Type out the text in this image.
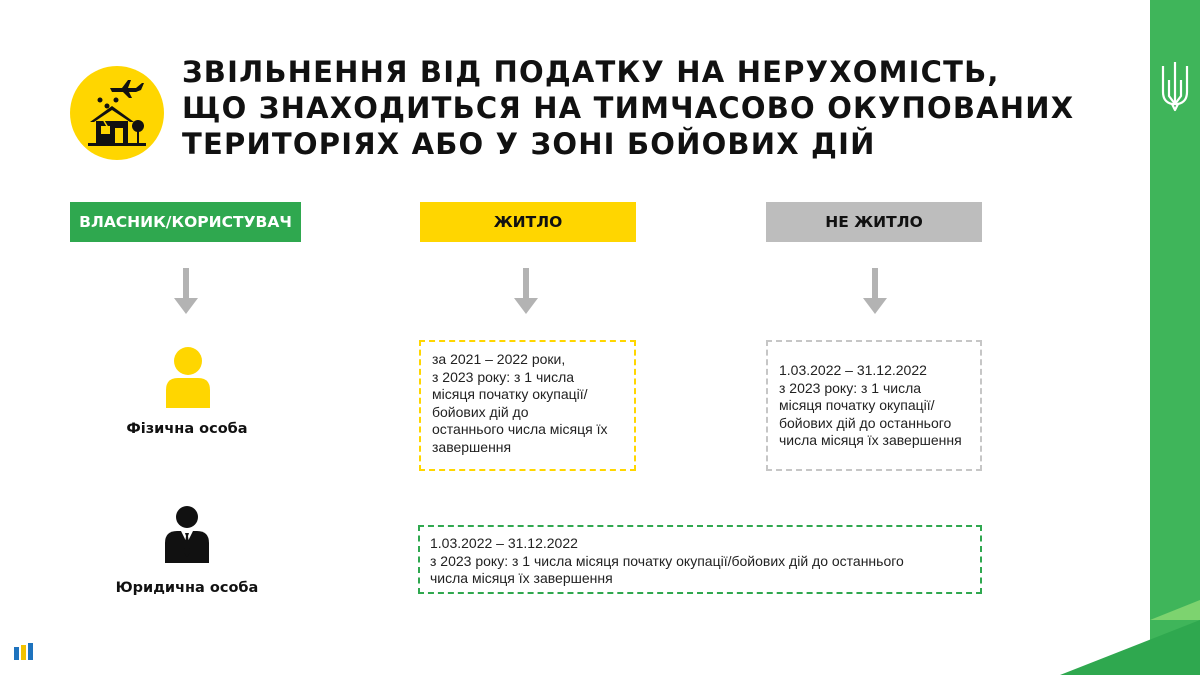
ЗВІЛЬНЕННЯ ВІД ПОДАТКУ НА НЕРУХОМІСТЬ,
ЩО ЗНАХОДИТЬСЯ НА ТИМЧАСОВО ОКУПОВАНИХ
ТЕРИТОРІЯХ АБО У ЗОНІ БОЙОВИХ ДІЙ
ВЛАСНИК/КОРИСТУВАЧ	ЖИТЛО	НЕ ЖИТЛО
Фізична особа
Юридична особа
за 2021 – 2022 роки,
з 2023 року: з 1 числа
місяця початку окупації/
бойових дій до
останнього числа місяця їх
завершення
1.03.2022 – 31.12.2022
з 2023 року: з 1 числа
місяця початку окупації/
бойових дій до останнього
числа місяця їх завершення
1.03.2022 – 31.12.2022
з 2023 року: з 1 числа місяця початку окупації/бойових дій до останнього
числа місяця їх завершення
